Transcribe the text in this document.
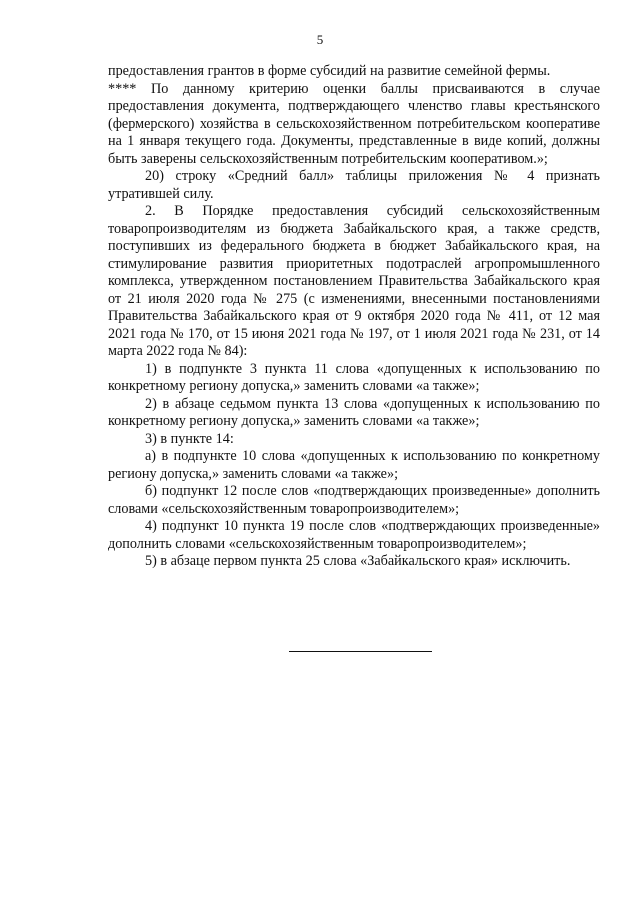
5

предоставления грантов в форме субсидий на развитие семейной фермы.

**** По данному критерию оценки баллы присваиваются в случае предоставления документа, подтверждающего членство главы крестьянского (фермерского) хозяйства в сельскохозяйственном потребительском кооперативе на 1 января текущего года. Документы, представленные в виде копий, должны быть заверены сельскохозяйственным потребительским кооперативом.»;

20) строку «Средний балл» таблицы приложения № 4 признать утратившей силу.

2. В Порядке предоставления субсидий сельскохозяйственным товаропроизводителям из бюджета Забайкальского края, а также средств, поступивших из федерального бюджета в бюджет Забайкальского края, на стимулирование развития приоритетных подотраслей агропромышленного комплекса, утвержденном постановлением Правительства Забайкальского края от 21 июля 2020 года № 275 (с изменениями, внесенными постановлениями Правительства Забайкальского края от 9 октября 2020 года № 411, от 12 мая 2021 года № 170, от 15 июня 2021 года № 197, от 1 июля 2021 года № 231, от 14 марта 2022 года № 84):

1) в подпункте 3 пункта 11 слова «допущенных к использованию по конкретному региону допуска,» заменить словами «а также»;

2) в абзаце седьмом пункта 13 слова «допущенных к использованию по конкретному региону допуска,» заменить словами «а также»;

3) в пункте 14:

а) в подпункте 10 слова «допущенных к использованию по конкретному региону допуска,» заменить словами «а также»;

б) подпункт 12 после слов «подтверждающих произведенные» дополнить словами «сельскохозяйственным товаропроизводителем»;

4) подпункт 10 пункта 19 после слов «подтверждающих произведенные» дополнить словами «сельскохозяйственным товаропроизводителем»;

5) в абзаце первом пункта 25 слова «Забайкальского края» исключить.
